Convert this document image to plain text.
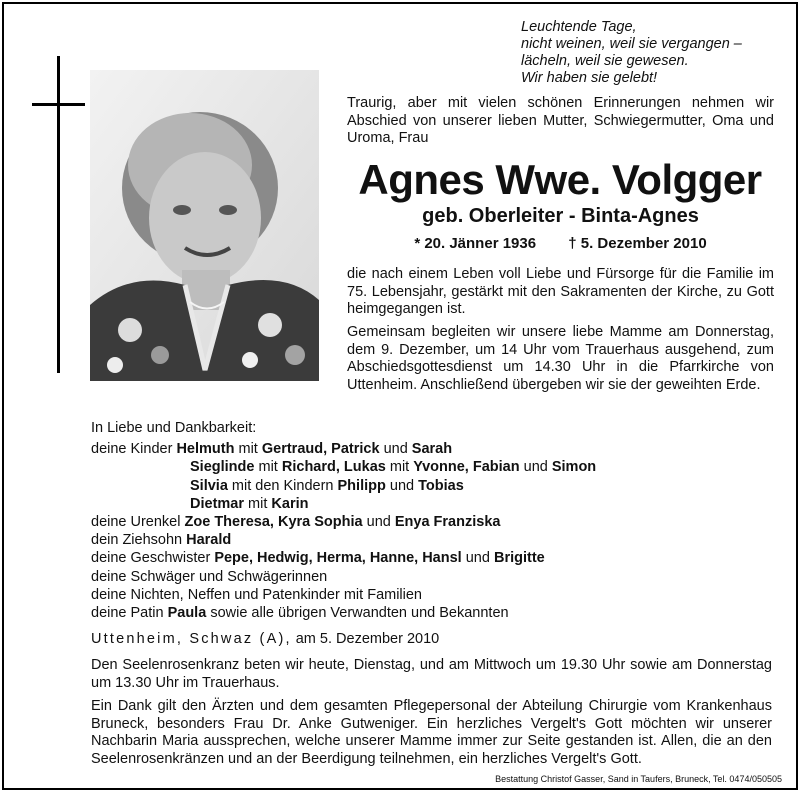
Leuchtende Tage,
nicht weinen, weil sie vergangen –
lächeln, weil sie gewesen.
Wir haben sie gelebt!
Traurig, aber mit vielen schönen Erinnerungen nehmen wir Abschied von unserer lieben Mutter, Schwiegermutter, Oma und Uroma, Frau
Agnes Wwe. Volgger
geb. Oberleiter - Binta-Agnes
* 20. Jänner 1936 † 5. Dezember 2010
die nach einem Leben voll Liebe und Fürsorge für die Familie im 75. Lebensjahr, gestärkt mit den Sakramenten der Kirche, zu Gott heimgegangen ist.
Gemeinsam begleiten wir unsere liebe Mamme am Donnerstag, dem 9. Dezember, um 14 Uhr vom Trauerhaus ausgehend, zum Abschiedsgottesdienst um 14.30 Uhr in die Pfarrkirche von Uttenheim. Anschließend übergeben wir sie der geweihten Erde.
In Liebe und Dankbarkeit:
deine Kinder Helmuth mit Gertraud, Patrick und Sarah
Sieglinde mit Richard, Lukas mit Yvonne, Fabian und Simon
Silvia mit den Kindern Philipp und Tobias
Dietmar mit Karin
deine Urenkel Zoe Theresa, Kyra Sophia und Enya Franziska
dein Ziehsohn Harald
deine Geschwister Pepe, Hedwig, Herma, Hanne, Hansl und Brigitte
deine Schwäger und Schwägerinnen
deine Nichten, Neffen und Patenkinder mit Familien
deine Patin Paula sowie alle übrigen Verwandten und Bekannten
Uttenheim, Schwaz (A), am 5. Dezember 2010

Den Seelenrosenkranz beten wir heute, Dienstag, und am Mittwoch um 19.30 Uhr sowie am Donnerstag um 13.30 Uhr im Trauerhaus.

Ein Dank gilt den Ärzten und dem gesamten Pflegepersonal der Abteilung Chirurgie vom Krankenhaus Bruneck, besonders Frau Dr. Anke Gutweniger. Ein herzliches Vergelt's Gott möchten wir unserer Nachbarin Maria aussprechen, welche unserer Mamme immer zur Seite gestanden ist. Allen, die an den Seelenrosenkränzen und an der Beerdigung teilnehmen, ein herzliches Vergelt's Gott.

Bestattung Christof Gasser, Sand in Taufers, Bruneck, Tel. 0474/050505
